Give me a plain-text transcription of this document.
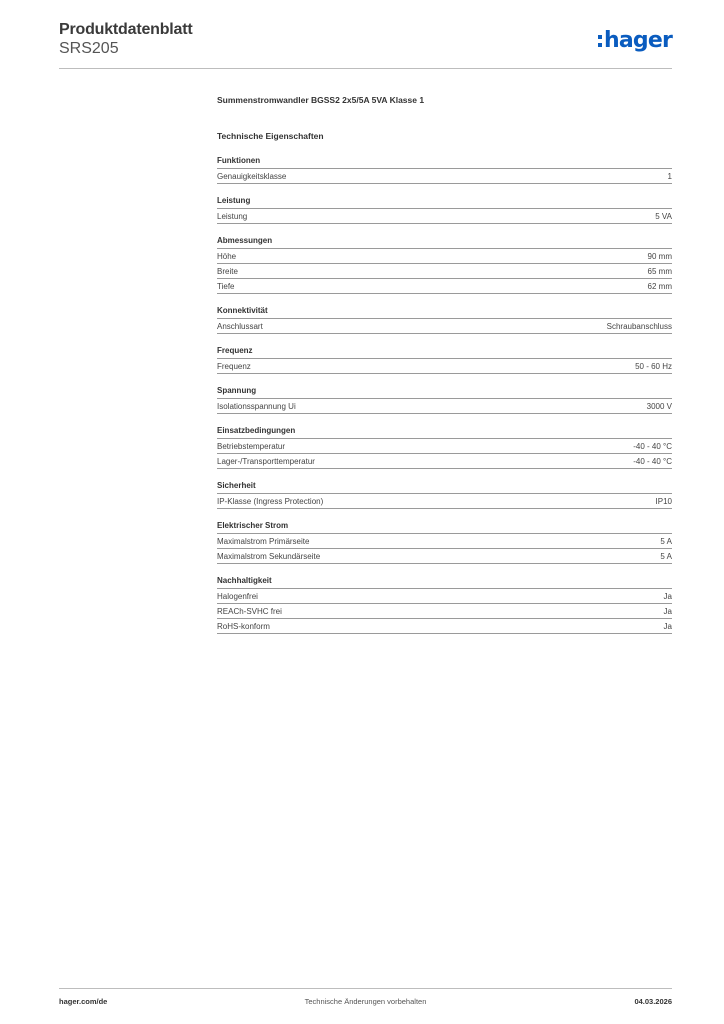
Produktdatenblatt
SRS205	hager
Summenstromwandler BGSS2 2x5/5A 5VA Klasse 1
Technische Eigenschaften
Funktionen
Genauigkeitsklasse	1
Leistung
Leistung	5 VA
Abmessungen
Höhe	90 mm
Breite	65 mm
Tiefe	62 mm
Konnektivität
Anschlussart	Schraubanschluss
Frequenz
Frequenz	50 - 60 Hz
Spannung
Isolationsspannung Ui	3000 V
Einsatzbedingungen
Betriebstemperatur	-40 - 40 °C
Lager-/Transporttemperatur	-40 - 40 °C
Sicherheit
IP-Klasse (Ingress Protection)	IP10
Elektrischer Strom
Maximalstrom Primärseite	5 A
Maximalstrom Sekundärseite	5 A
Nachhaltigkeit
Halogenfrei	Ja
REACh-SVHC frei	Ja
RoHS-konform	Ja
hager.com/de	Technische Änderungen vorbehalten	04.03.2026
